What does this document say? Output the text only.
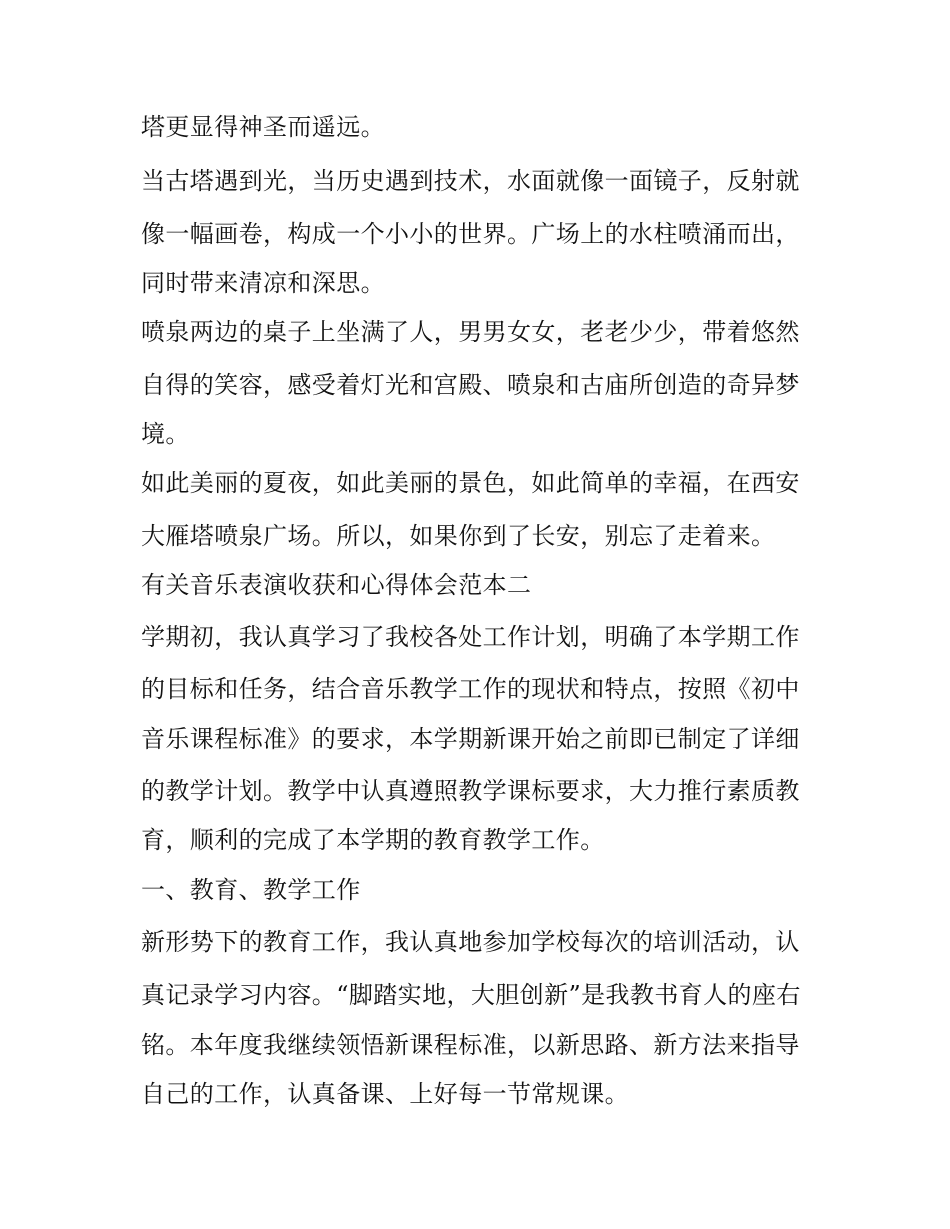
塔更显得神圣而遥远。
当古塔遇到光，当历史遇到技术，水面就像一面镜子，反射就
像一幅画卷，构成一个小小的世界。广场上的水柱喷涌而出，
同时带来清凉和深思。
喷泉两边的桌子上坐满了人，男男女女，老老少少，带着悠然
自得的笑容，感受着灯光和宫殿、喷泉和古庙所创造的奇异梦
境。
如此美丽的夏夜，如此美丽的景色，如此简单的幸福，在西安
大雁塔喷泉广场。所以，如果你到了长安，别忘了走着来。
有关音乐表演收获和心得体会范本二
学期初，我认真学习了我校各处工作计划，明确了本学期工作
的目标和任务，结合音乐教学工作的现状和特点，按照《初中
音乐课程标准》的要求，本学期新课开始之前即已制定了详细
的教学计划。教学中认真遵照教学课标要求，大力推行素质教
育，顺利的完成了本学期的教育教学工作。
一、教育、教学工作
新形势下的教育工作，我认真地参加学校每次的培训活动，认
真记录学习内容。“脚踏实地，大胆创新”是我教书育人的座右
铭。本年度我继续领悟新课程标准，以新思路、新方法来指导
自己的工作，认真备课、上好每一节常规课。
